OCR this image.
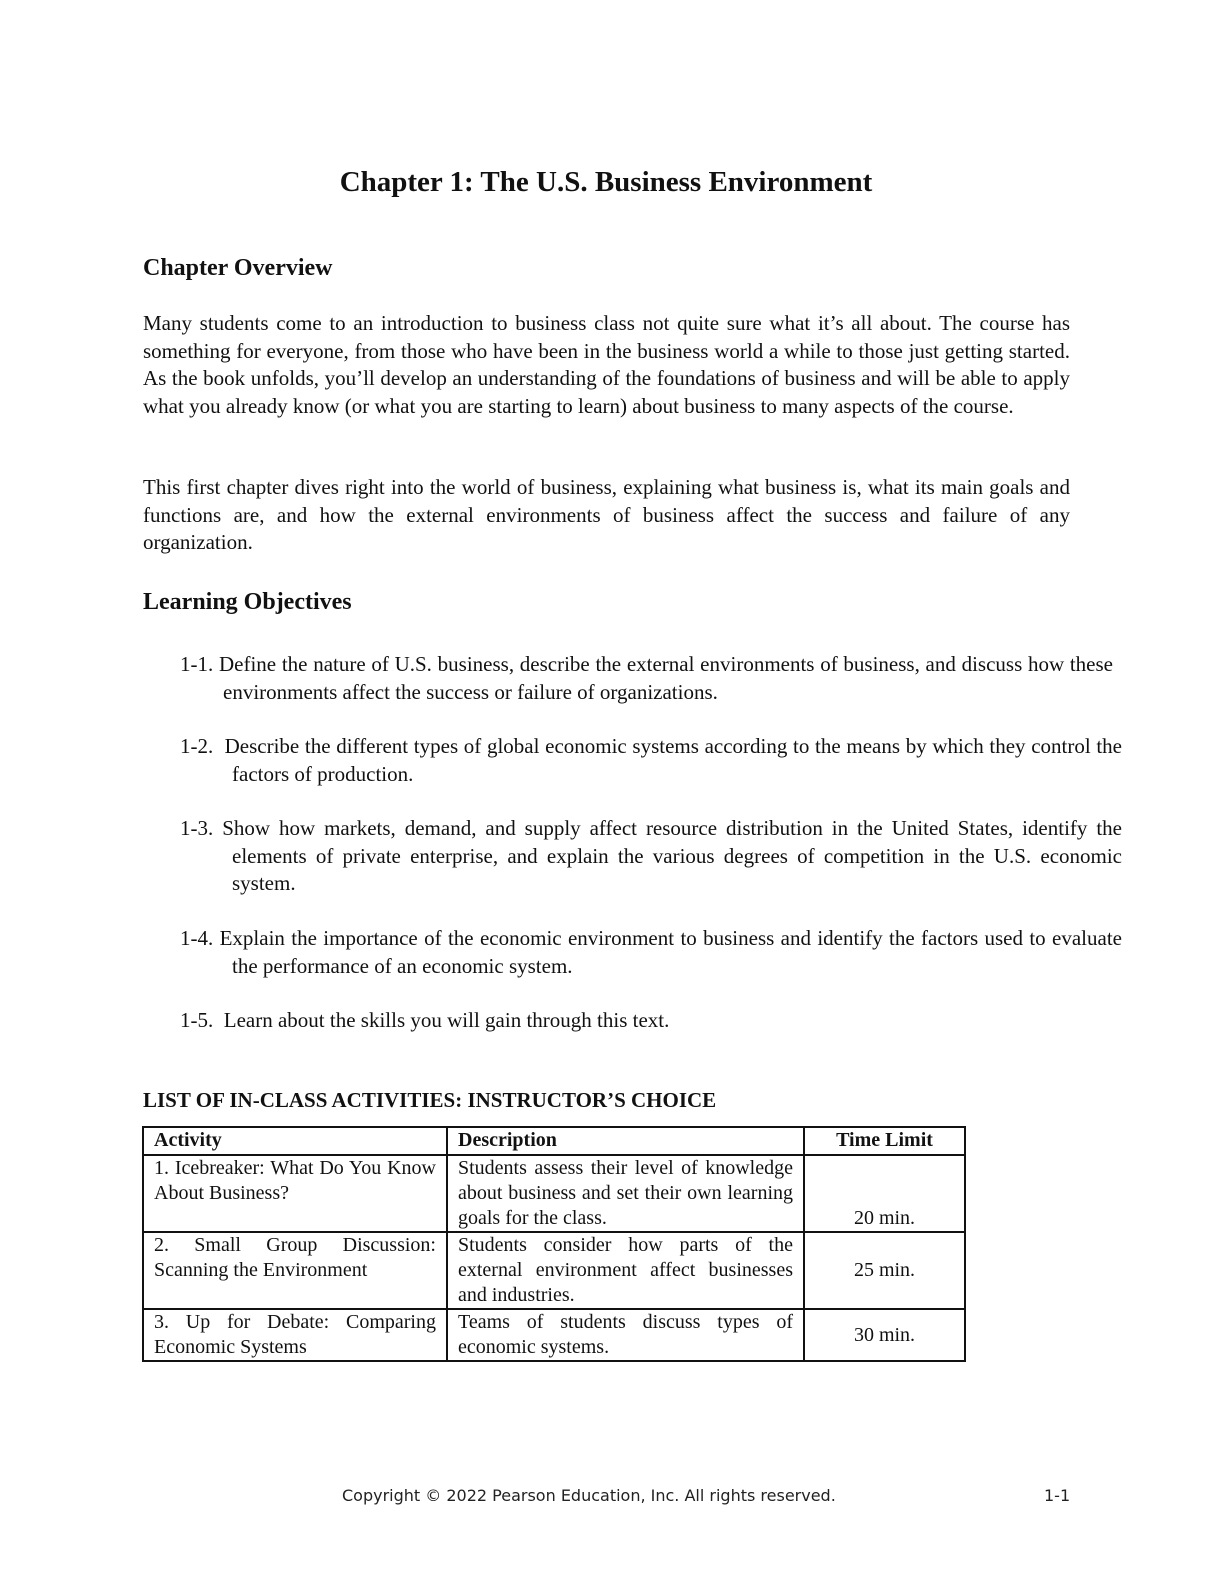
Chapter 1: The U.S. Business Environment
Chapter Overview

Many students come to an introduction to business class not quite sure what it’s all about. The course has something for everyone, from those who have been in the business world a while to those just getting started. As the book unfolds, you’ll develop an understanding of the foundations of business and will be able to apply what you already know (or what you are starting to learn) about business to many aspects of the course.

This first chapter dives right into the world of business, explaining what business is, what its main goals and functions are, and how the external environments of business affect the success and failure of any organization.

Learning Objectives
1-1. Define the nature of U.S. business, describe the external environments of business, and discuss how these environments affect the success or failure of organizations.
1-2.  Describe the different types of global economic systems according to the means by which they control the factors of production.
1-3. Show how markets, demand, and supply affect resource distribution in the United States, identify the elements of private enterprise, and explain the various degrees of competition in the U.S. economic system.
1-4. Explain the importance of the economic environment to business and identify the factors used to evaluate the performance of an economic system.
1-5.  Learn about the skills you will gain through this text.
LIST OF IN-CLASS ACTIVITIES: INSTRUCTOR’S CHOICE
Activity	Description	Time Limit
1. Icebreaker: What Do You Know About Business?	Students assess their level of knowledge about business and set their own learning goals for the class.	20 min.
2. Small Group Discussion: Scanning the Environment	Students consider how parts of the external environment affect businesses and industries.	25 min.
3. Up for Debate: Comparing Economic Systems	Teams of students discuss types of economic systems.	30 min.
Copyright © 2022 Pearson Education, Inc. All rights reserved.	1-1
